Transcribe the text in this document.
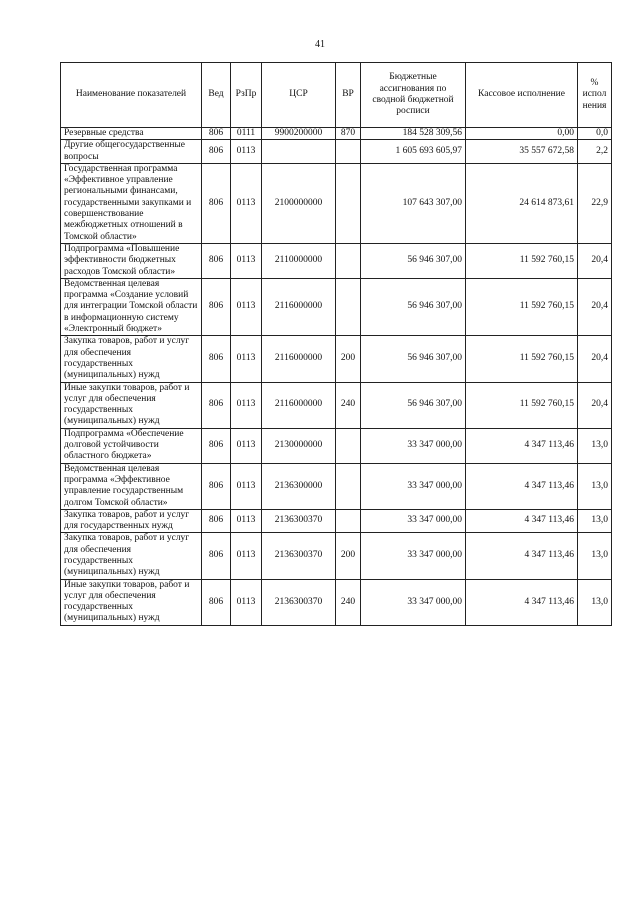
41
Наименование показателей	Вед	РзПр	ЦСР	ВР	Бюджетные ассигнования по сводной бюджетной росписи	Кассовое исполнение	% испол нения
Резервные средства	806	0111	9900200000	870	184 528 309,56	0,00	0,0
Другие общегосударственные вопросы	806	0113			1 605 693 605,97	35 557 672,58	2,2
Государственная программа «Эффективное управление региональными финансами, государственными закупками и совершенствование межбюджетных отношений в Томской области»	806	0113	2100000000		107 643 307,00	24 614 873,61	22,9
Подпрограмма «Повышение эффективности бюджетных расходов Томской области»	806	0113	2110000000		56 946 307,00	11 592 760,15	20,4
Ведомственная целевая программа «Создание условий для интеграции Томской области в информационную систему «Электронный бюджет»	806	0113	2116000000		56 946 307,00	11 592 760,15	20,4
Закупка товаров, работ и услуг для обеспечения государственных (муниципальных) нужд	806	0113	2116000000	200	56 946 307,00	11 592 760,15	20,4
Иные закупки товаров, работ и услуг для обеспечения государственных (муниципальных) нужд	806	0113	2116000000	240	56 946 307,00	11 592 760,15	20,4
Подпрограмма «Обеспечение долговой устойчивости областного бюджета»	806	0113	2130000000		33 347 000,00	4 347 113,46	13,0
Ведомственная целевая программа «Эффективное управление государственным долгом Томской области»	806	0113	2136300000		33 347 000,00	4 347 113,46	13,0
Закупка товаров, работ и услуг для государственных нужд	806	0113	2136300370		33 347 000,00	4 347 113,46	13,0
Закупка товаров, работ и услуг для обеспечения государственных (муниципальных) нужд	806	0113	2136300370	200	33 347 000,00	4 347 113,46	13,0
Иные закупки товаров, работ и услуг для обеспечения государственных (муниципальных) нужд	806	0113	2136300370	240	33 347 000,00	4 347 113,46	13,0
